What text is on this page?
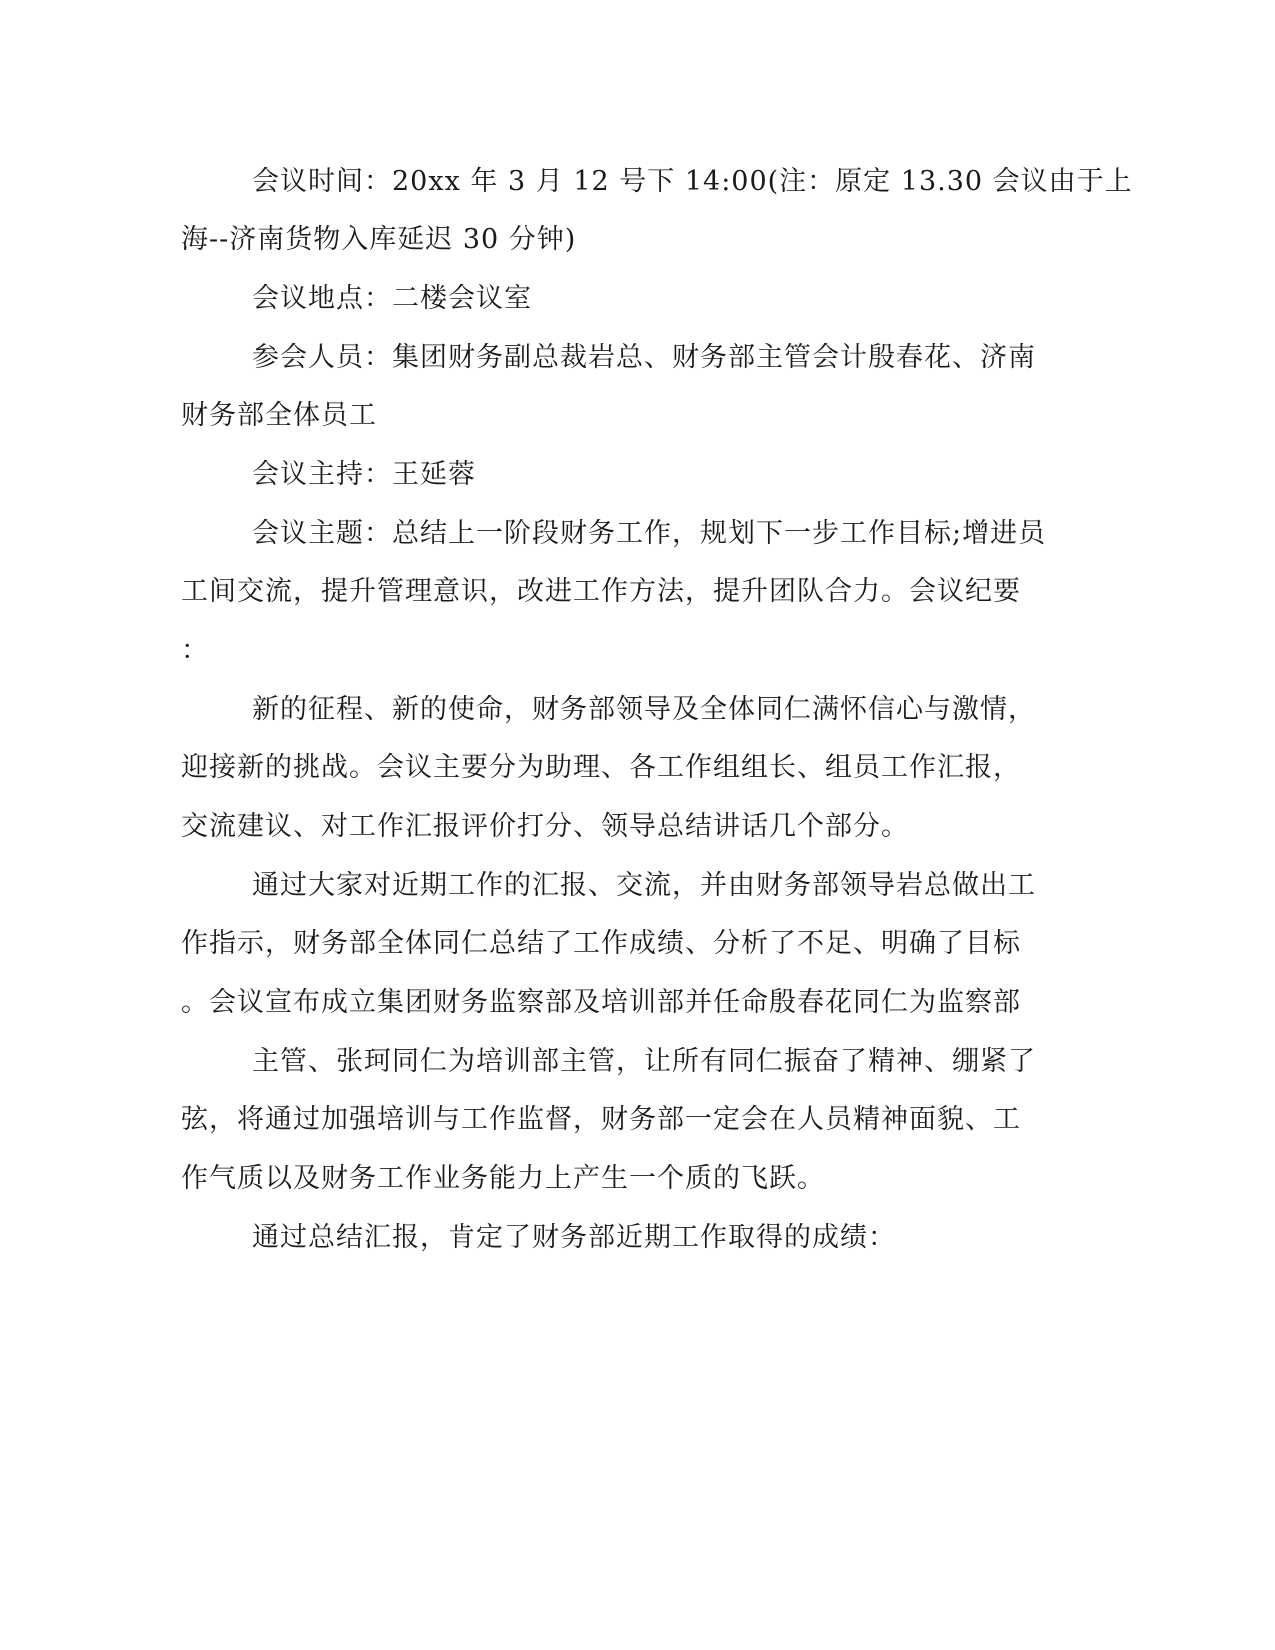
会议时间：20xx 年 3 月 12 号下 14:00(注：原定 13.30 会议由于上
海--济南货物入库延迟 30 分钟)
会议地点：二楼会议室
参会人员：集团财务副总裁岩总、财务部主管会计殷春花、济南
财务部全体员工
会议主持：王延蓉
会议主题：总结上一阶段财务工作，规划下一步工作目标;增进员
工间交流，提升管理意识，改进工作方法，提升团队合力。会议纪要
：
新的征程、新的使命，财务部领导及全体同仁满怀信心与激情，
迎接新的挑战。会议主要分为助理、各工作组组长、组员工作汇报，
交流建议、对工作汇报评价打分、领导总结讲话几个部分。
通过大家对近期工作的汇报、交流，并由财务部领导岩总做出工
作指示，财务部全体同仁总结了工作成绩、分析了不足、明确了目标
。会议宣布成立集团财务监察部及培训部并任命殷春花同仁为监察部
主管、张珂同仁为培训部主管，让所有同仁振奋了精神、绷紧了
弦，将通过加强培训与工作监督，财务部一定会在人员精神面貌、工
作气质以及财务工作业务能力上产生一个质的飞跃。
通过总结汇报，肯定了财务部近期工作取得的成绩：
